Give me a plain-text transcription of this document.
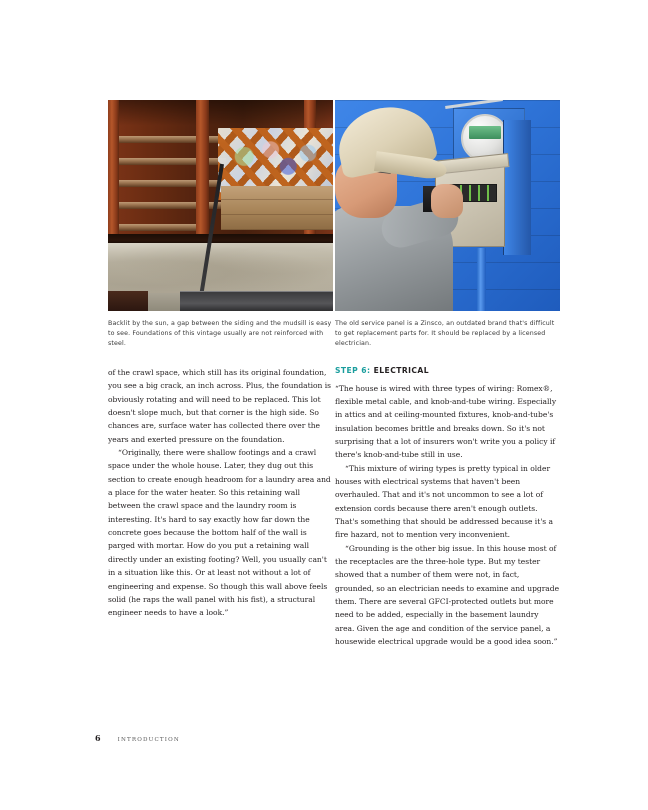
Backlit by the sun, a gap between the siding and the mudsill is easy to see. Foundations of this vintage usually are not reinforced with steel.
The old service panel is a Zinsco, an outdated brand that's difficult to get replacement parts for. It should be replaced by a licensed electrician.

of the crawl space, which still has its original foundation, you see a big crack, an inch across. Plus, the foundation is obviously rotating and will need to be replaced. This lot doesn't slope much, but that corner is the high side. So chances are, surface water has collected there over the years and exerted pressure on the foundation.

“Originally, there were shallow footings and a crawl space under the whole house. Later, they dug out this section to create enough headroom for a laundry area and a place for the water heater. So this retaining wall between the crawl space and the laundry room is interesting. It's hard to say exactly how far down the concrete goes because the bottom half of the wall is parged with mortar. How do you put a retaining wall directly under an existing footing? Well, you usually can't in a situation like this. Or at least not without a lot of engineering and expense. So though this wall above feels solid (he raps the wall panel with his fist), a structural engineer needs to have a look.”

STEP 6: ELECTRICAL

“The house is wired with three types of wiring: Romex®, flexible metal cable, and knob-and-tube wiring. Especially in attics and at ceiling-mounted fixtures, knob-and-tube's insulation becomes brittle and breaks down. So it's not surprising that a lot of insurers won't write you a policy if there's knob-and-tube still in use.

“This mixture of wiring types is pretty typical in older houses with electrical systems that haven't been overhauled. That and it's not uncommon to see a lot of extension cords because there aren't enough outlets. That's something that should be addressed because it's a fire hazard, not to mention very inconvenient.

“Grounding is the other big issue. In this house most of the receptacles are the three-hole type. But my tester showed that a number of them were not, in fact, grounded, so an electrician needs to examine and upgrade them. There are several GFCI-protected outlets but more need to be added, especially in the basement laundry area. Given the age and condition of the service panel, a housewide electrical upgrade would be a good idea soon.”

6	INTRODUCTION
